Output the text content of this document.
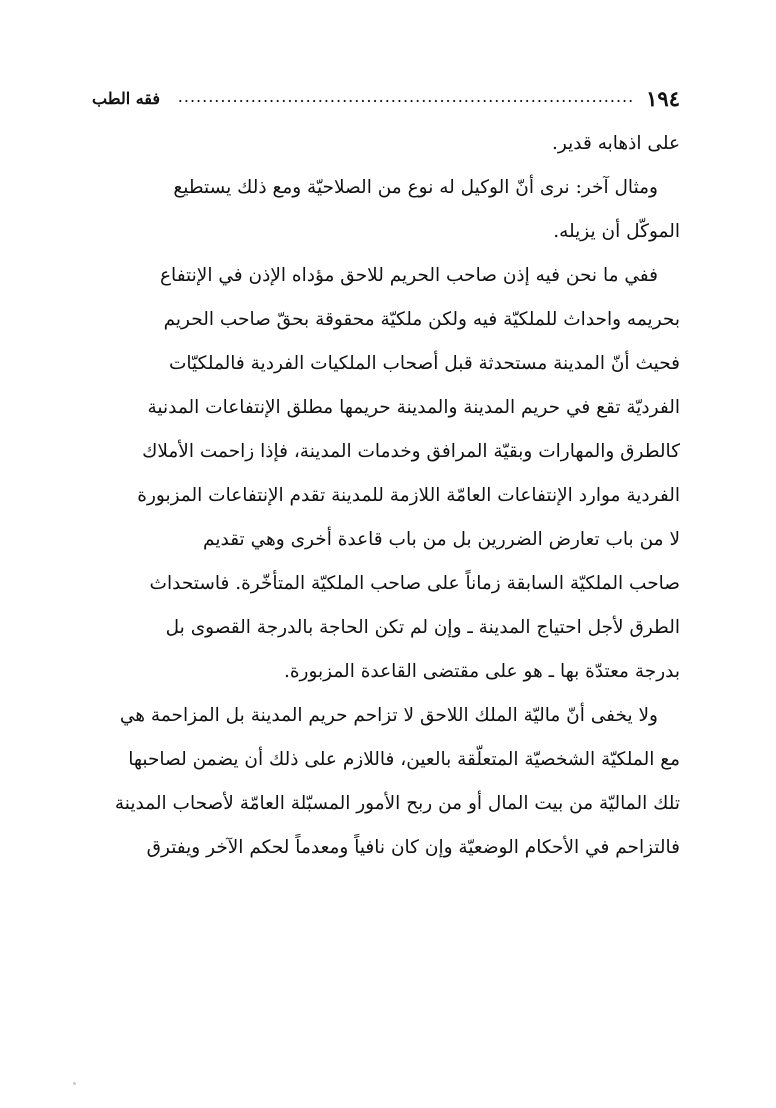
١٩٤
...........................................................................
فقه الطب
على اذهابه قدير.
ومثال آخر: نرى أنّ الوكيل له نوع من الصلاحيّة ومع ذلك يستطيع
الموكّل أن يزيله.
ففي ما نحن فيه إذن صاحب الحريم للاحق مؤداه الإذن في الإنتفاع
بحريمه واحداث للملكيّة فيه ولكن ملكيّة محقوقة بحقّ صاحب الحريم
فحيث أنّ المدينة مستحدثة قبل أصحاب الملكيات الفردية فالملكيّات
الفرديّة تقع في حريم المدينة والمدينة حريمها مطلق الإنتفاعات المدنية
كالطرق والمهارات وبقيّة المرافق وخدمات المدينة، فإذا زاحمت الأملاك
الفردية موارد الإنتفاعات العامّة اللازمة للمدينة تقدم الإنتفاعات المزبورة
لا من باب تعارض الضررين بل من باب قاعدة أخرى وهي تقديم
صاحب الملكيّة السابقة زماناً على صاحب الملكيّة المتأخّرة. فاستحداث
الطرق لأجل احتياج المدينة ـ وإن لم تكن الحاجة بالدرجة القصوى بل
بدرجة معتدّة بها ـ هو على مقتضى القاعدة المزبورة.
ولا يخفى أنّ ماليّة الملك اللاحق لا تزاحم حريم المدينة بل المزاحمة هي
مع الملكيّة الشخصيّة المتعلّقة بالعين، فاللازم على ذلك أن يضمن لصاحبها
تلك الماليّة من بيت المال أو من ربح الأمور المسبّلة العامّة لأصحاب المدينة
فالتزاحم في الأحكام الوضعيّة وإن كان نافياً ومعدماً لحكم الآخر ويفترق
